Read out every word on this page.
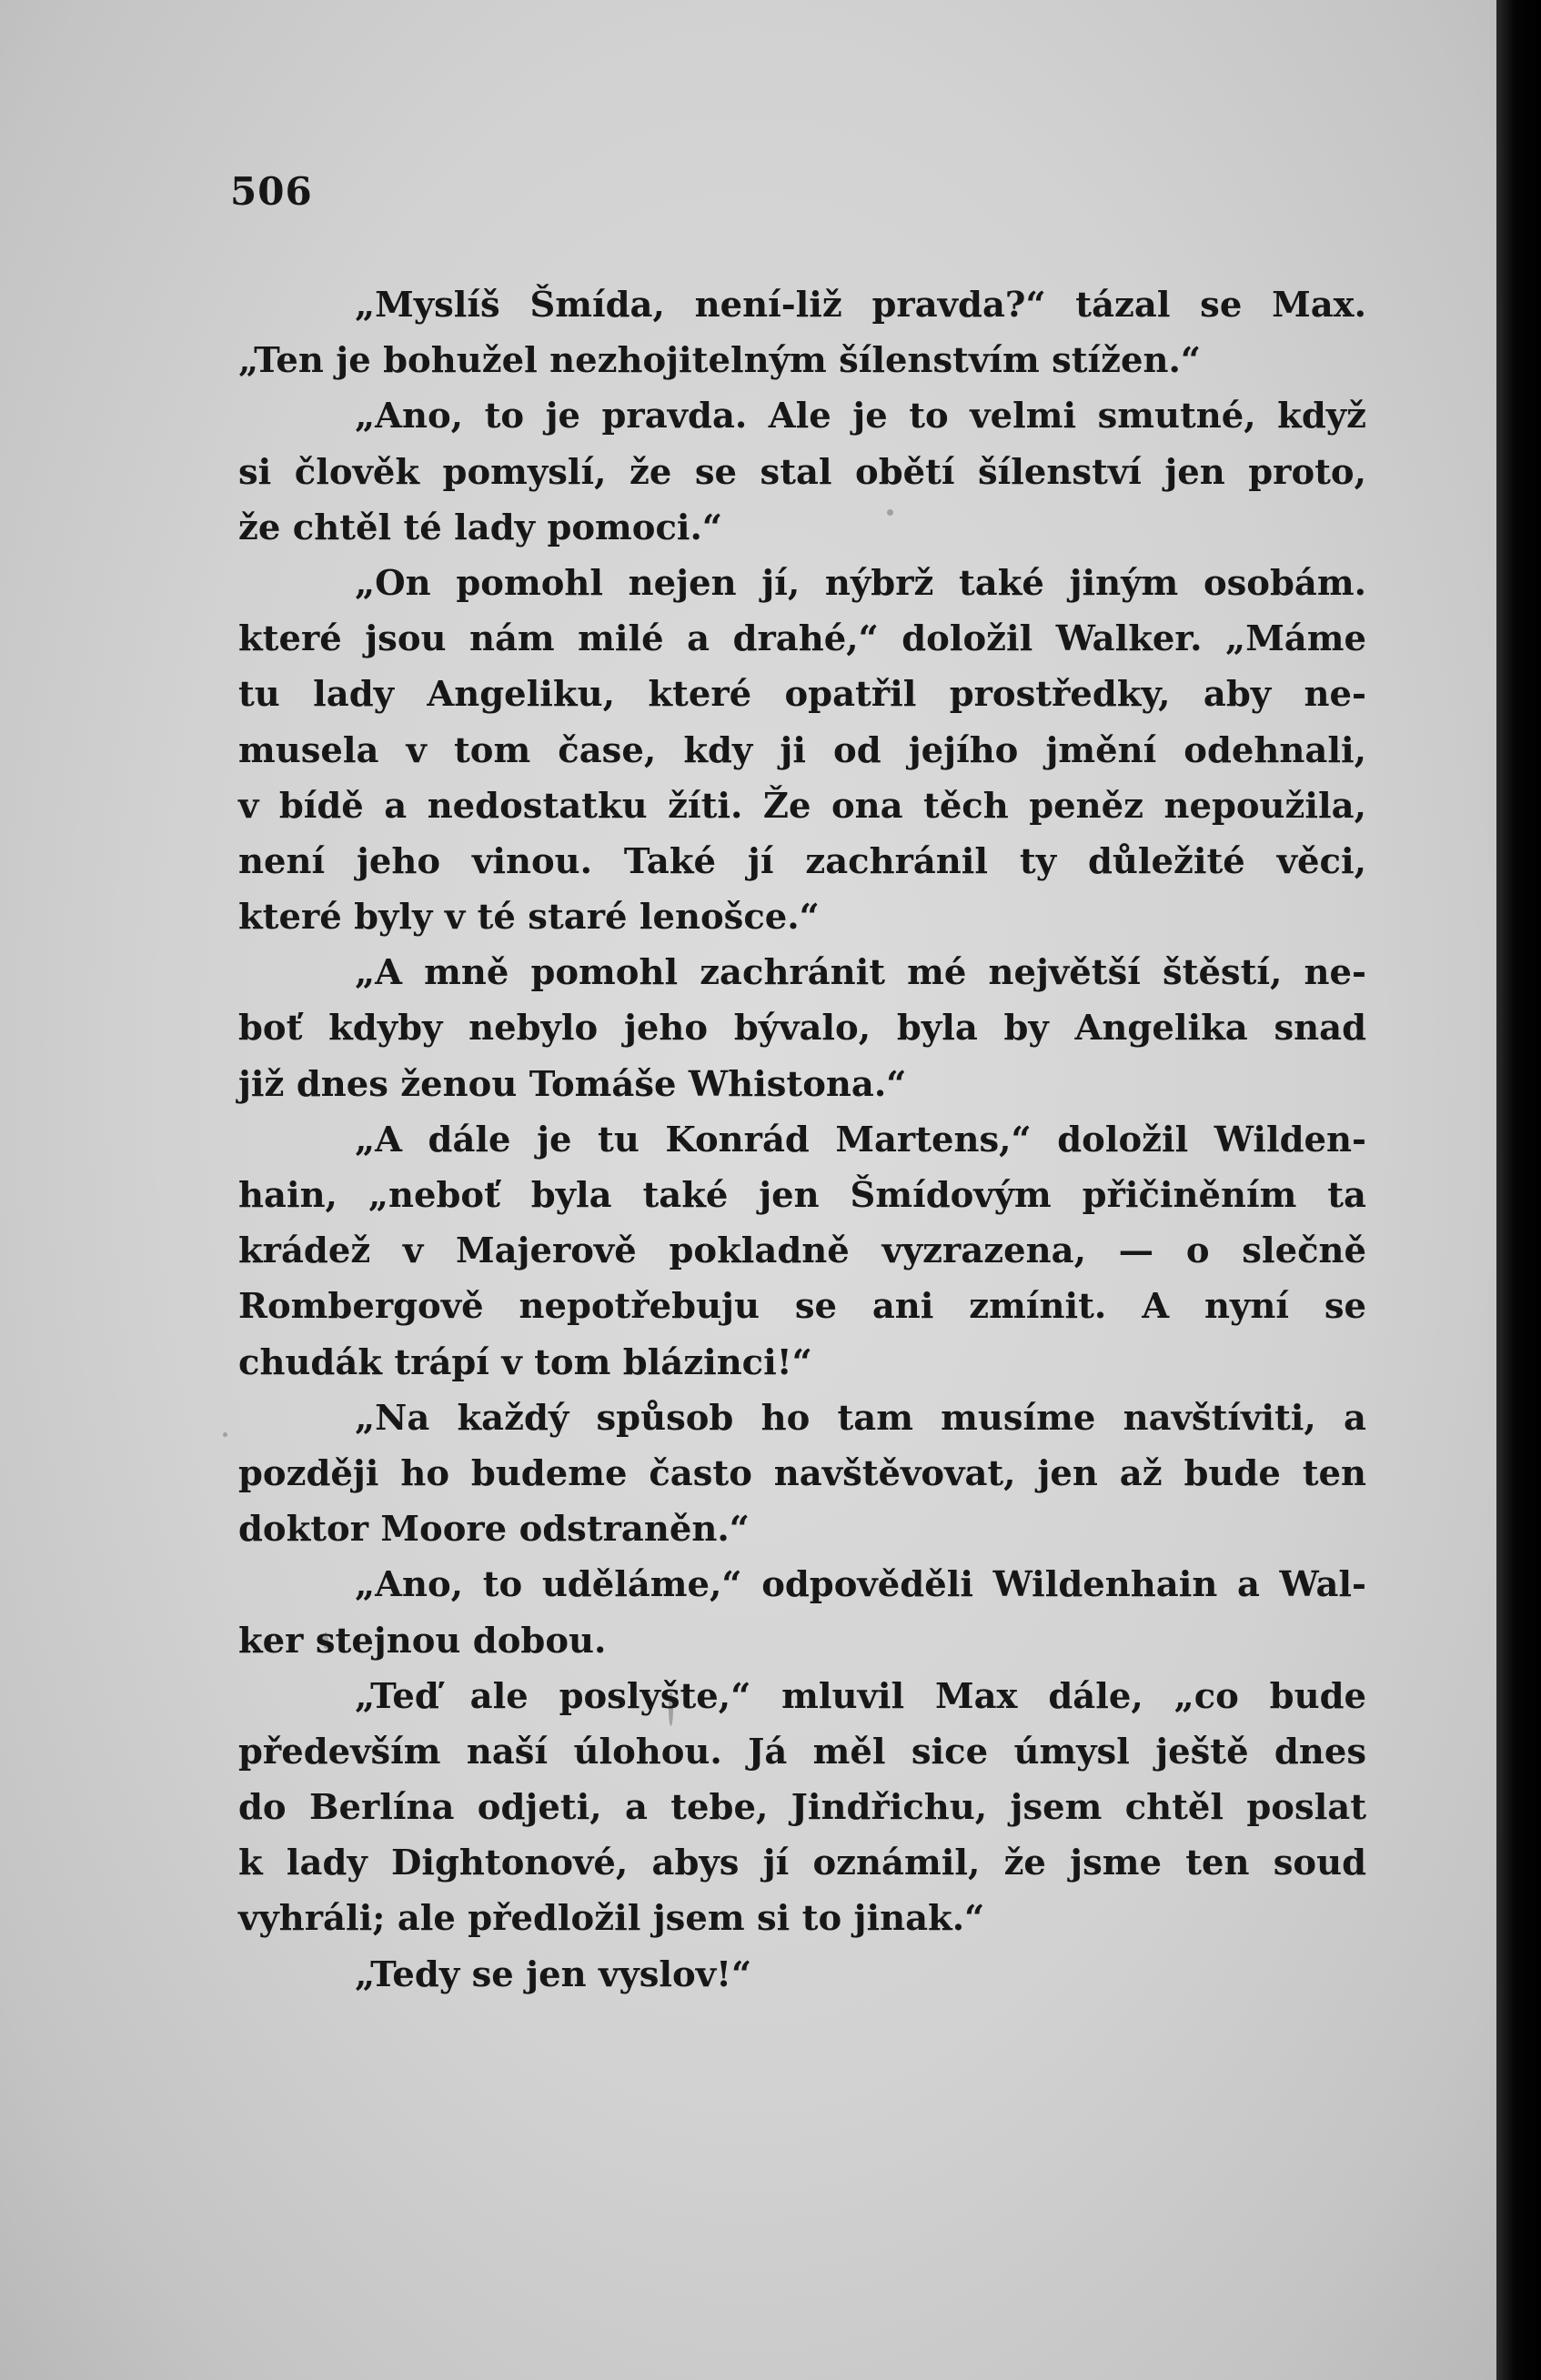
506
„Myslíš Šmída, není-liž pravda?“ tázal se Max.
„Ten je bohužel nezhojitelným šílenstvím stížen.“
„Ano, to je pravda. Ale je to velmi smutné, když
si člověk pomyslí, že se stal obětí šílenství jen proto,
že chtěl té lady pomoci.“
„On pomohl nejen jí, nýbrž také jiným osobám.
které jsou nám milé a drahé,“ doložil Walker. „Máme
tu lady Angeliku, které opatřil prostředky, aby ne-
musela v tom čase, kdy ji od jejího jmění odehnali,
v bídě a nedostatku žíti. Že ona těch peněz nepoužila,
není jeho vinou. Také jí zachránil ty důležité věci,
které byly v té staré lenošce.“
„A mně pomohl zachránit mé největší štěstí, ne-
boť kdyby nebylo jeho bývalo, byla by Angelika snad
již dnes ženou Tomáše Whistona.“
„A dále je tu Konrád Martens,“ doložil Wilden-
hain, „neboť byla také jen Šmídovým přičiněním ta
krádež v Majerově pokladně vyzrazena, — o slečně
Rombergově nepotřebuju se ani zmínit. A nyní se
chudák trápí v tom blázinci!“
„Na každý spůsob ho tam musíme navštíviti, a
později ho budeme často navštěvovat, jen až bude ten
doktor Moore odstraněn.“
„Ano, to uděláme,“ odpověděli Wildenhain a Wal-
ker stejnou dobou.
„Teď ale poslyšte,“ mluvil Max dále, „co bude
především naší úlohou. Já měl sice úmysl ještě dnes
do Berlína odjeti, a tebe, Jindřichu, jsem chtěl poslat
k lady Dightonové, abys jí oznámil, že jsme ten soud
vyhráli; ale předložil jsem si to jinak.“
„Tedy se jen vyslov!“
